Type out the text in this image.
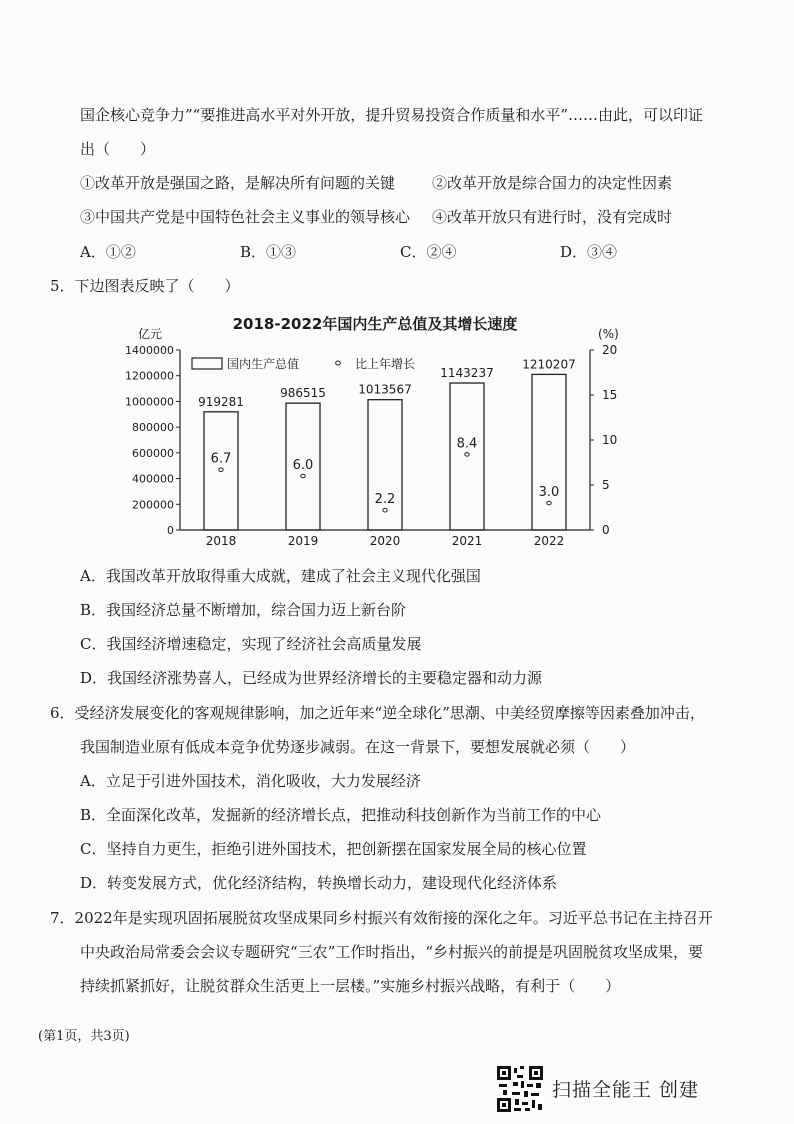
国企核心竞争力”“要推进高水平对外开放，提升贸易投资合作质量和水平”……由此，可以印证
出（　　）
①改革开放是强国之路，是解决所有问题的关键 ②改革开放是综合国力的决定性因素
③中国共产党是中国特色社会主义事业的领导核心 ④改革开放只有进行时，没有完成时
A．①②	B．①③	C．②④	D．③④
5．下边图表反映了（　　）
2018-2022年国内生产总值及其增长速度
亿元	(%)
1400000
1200000
1000000
800000
600000
400000
200000
0
20
15
10
5
0
919281
986515	1013567
1143237
1210207
6.7	6.0
2.2
8.4
3.0
2018	2019	2020	2021	2022
国内生产总值	比上年增长
A．我国改革开放取得重大成就，建成了社会主义现代化强国
B．我国经济总量不断增加，综合国力迈上新台阶
C．我国经济增速稳定，实现了经济社会高质量发展
D．我国经济涨势喜人，已经成为世界经济增长的主要稳定器和动力源
6．受经济发展变化的客观规律影响，加之近年来“逆全球化”思潮、中美经贸摩擦等因素叠加冲击，
我国制造业原有低成本竞争优势逐步减弱。在这一背景下，要想发展就必须（　　）
A．立足于引进外国技术，消化吸收，大力发展经济
B．全面深化改革，发掘新的经济增长点，把推动科技创新作为当前工作的中心
C．坚持自力更生，拒绝引进外国技术，把创新摆在国家发展全局的核心位置
D．转变发展方式，优化经济结构，转换增长动力，建设现代化经济体系
7．2022年是实现巩固拓展脱贫攻坚成果同乡村振兴有效衔接的深化之年。习近平总书记在主持召开
中央政治局常委会会议专题研究“三农”工作时指出，“乡村振兴的前提是巩固脱贫攻坚成果，要
持续抓紧抓好，让脱贫群众生活更上一层楼。”实施乡村振兴战略，有利于（　　）
(第1页，共3页)
扫描全能王 创建
